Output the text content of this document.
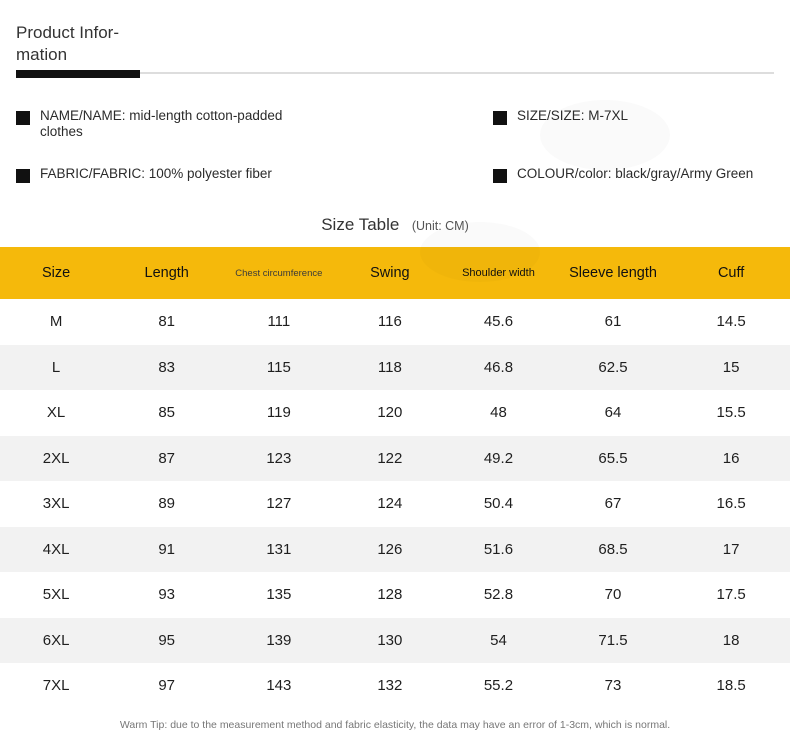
Product Infor-mation
NAME/NAME: mid-length cotton-padded clothes
SIZE/SIZE: M-7XL
FABRIC/FABRIC: 100% polyester fiber	COLOUR/color: black/gray/Army Green
Size Table (Unit: CM)
Size	Length	Chest circumference	Swing	Shoulder width	Sleeve length	Cuff

M	81	111	116	45.6	61	14.5
L	83	115	118	46.8	62.5	15
XL	85	119	120	48	64	15.5
2XL	87	123	122	49.2	65.5	16
3XL	89	127	124	50.4	67	16.5
4XL	91	131	126	51.6	68.5	17
5XL	93	135	128	52.8	70	17.5
6XL	95	139	130	54	71.5	18
7XL	97	143	132	55.2	73	18.5
Warm Tip: due to the measurement method and fabric elasticity, the data may have an error of 1-3cm, which is normal.
